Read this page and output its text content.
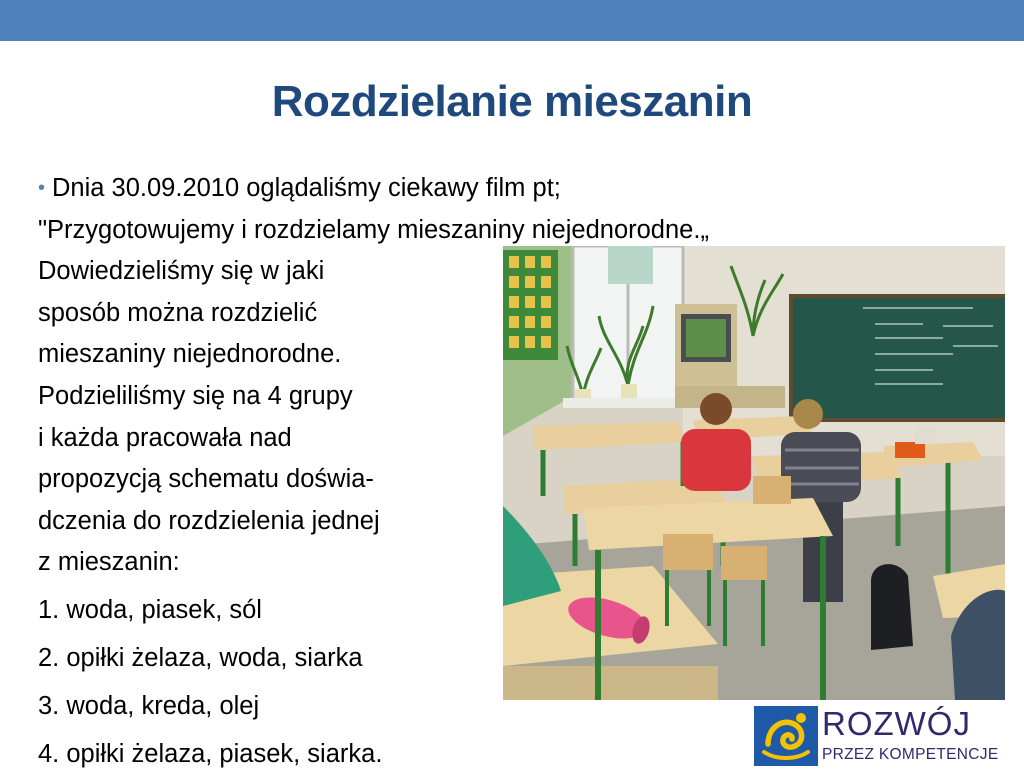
Rozdzielanie mieszanin
• Dnia 30.09.2010 oglądaliśmy ciekawy film pt;
"Przygotowujemy i rozdzielamy mieszaniny niejednorodne.„
Dowiedzieliśmy się w jaki
sposób można rozdzielić
mieszaniny niejednorodne.
Podzieliliśmy się na 4 grupy
i każda pracowała nad
propozycją schematu doświa-
dczenia do rozdzielenia jednej
z mieszanin:
1. woda, piasek, sól
2. opiłki żelaza, woda, siarka
3. woda, kreda, olej
4. opiłki żelaza, piasek, siarka.
ROZWÓJ
PRZEZ KOMPETENCJE
